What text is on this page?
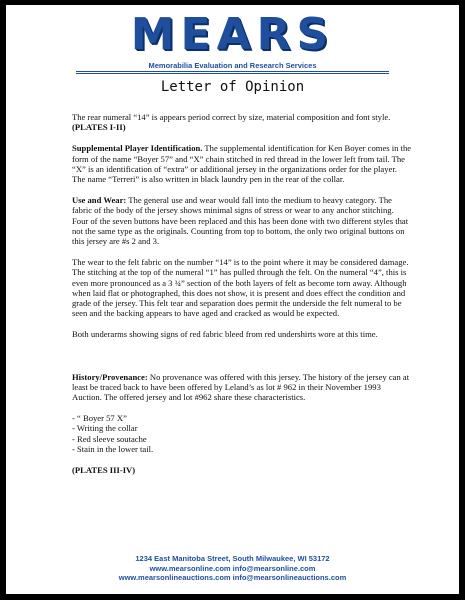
MEARS
Memorabilia Evaluation and Research Services
Letter of Opinion

The rear numeral “14” is appears period correct by size, material composition and font style. (PLATES I-II)

Supplemental Player Identification. The supplemental identification for Ken Boyer comes in the form of the name “Boyer 57” and “X” chain stitched in red thread in the lower left from tail. The “X” is an identification of “extra” or additional jersey in the organizations order for the player. The name “Terreri” is also written in black laundry pen in the rear of the collar.

Use and Wear: The general use and wear would fall into the medium to heavy category. The fabric of the body of the jersey shows minimal signs of stress or wear to any anchor stitching. Four of the seven buttons have been replaced and this has been done with two different styles that not the same type as the originals. Counting from top to bottom, the only two original buttons on this jersey are #s 2 and 3.

The wear to the felt fabric on the number “14” is to the point where it may be considered damage. The stitching at the top of the numeral “1” has pulled through the felt. On the numeral “4”, this is even more pronounced as a 3 ¾” section of the both layers of felt as become torn away. Although when laid flat or photographed, this does not show, it is present and does effect the condition and grade of the jersey. This felt tear and separation does permit the underside the felt numeral to be seen and the backing appears to have aged and cracked as would be expected.

Both underarms showing signs of red fabric bleed from red undershirts wore at this time.

History/Provenance: No provenance was offered with this jersey. The history of the jersey can at least be traced back to have been offered by Leland’s as lot # 962 in their November 1993 Auction. The offered jersey and lot #962 share these characteristics.

- “ Boyer 57 X”
- Writing the collar
- Red sleeve soutache
- Stain in the lower tail.

(PLATES III-IV)

1234 East Manitoba Street, South Milwaukee, WI 53172
www.mearsonline.com info@mearsonline.com
www.mearsonlineauctions.com info@mearsonlineauctions.com
